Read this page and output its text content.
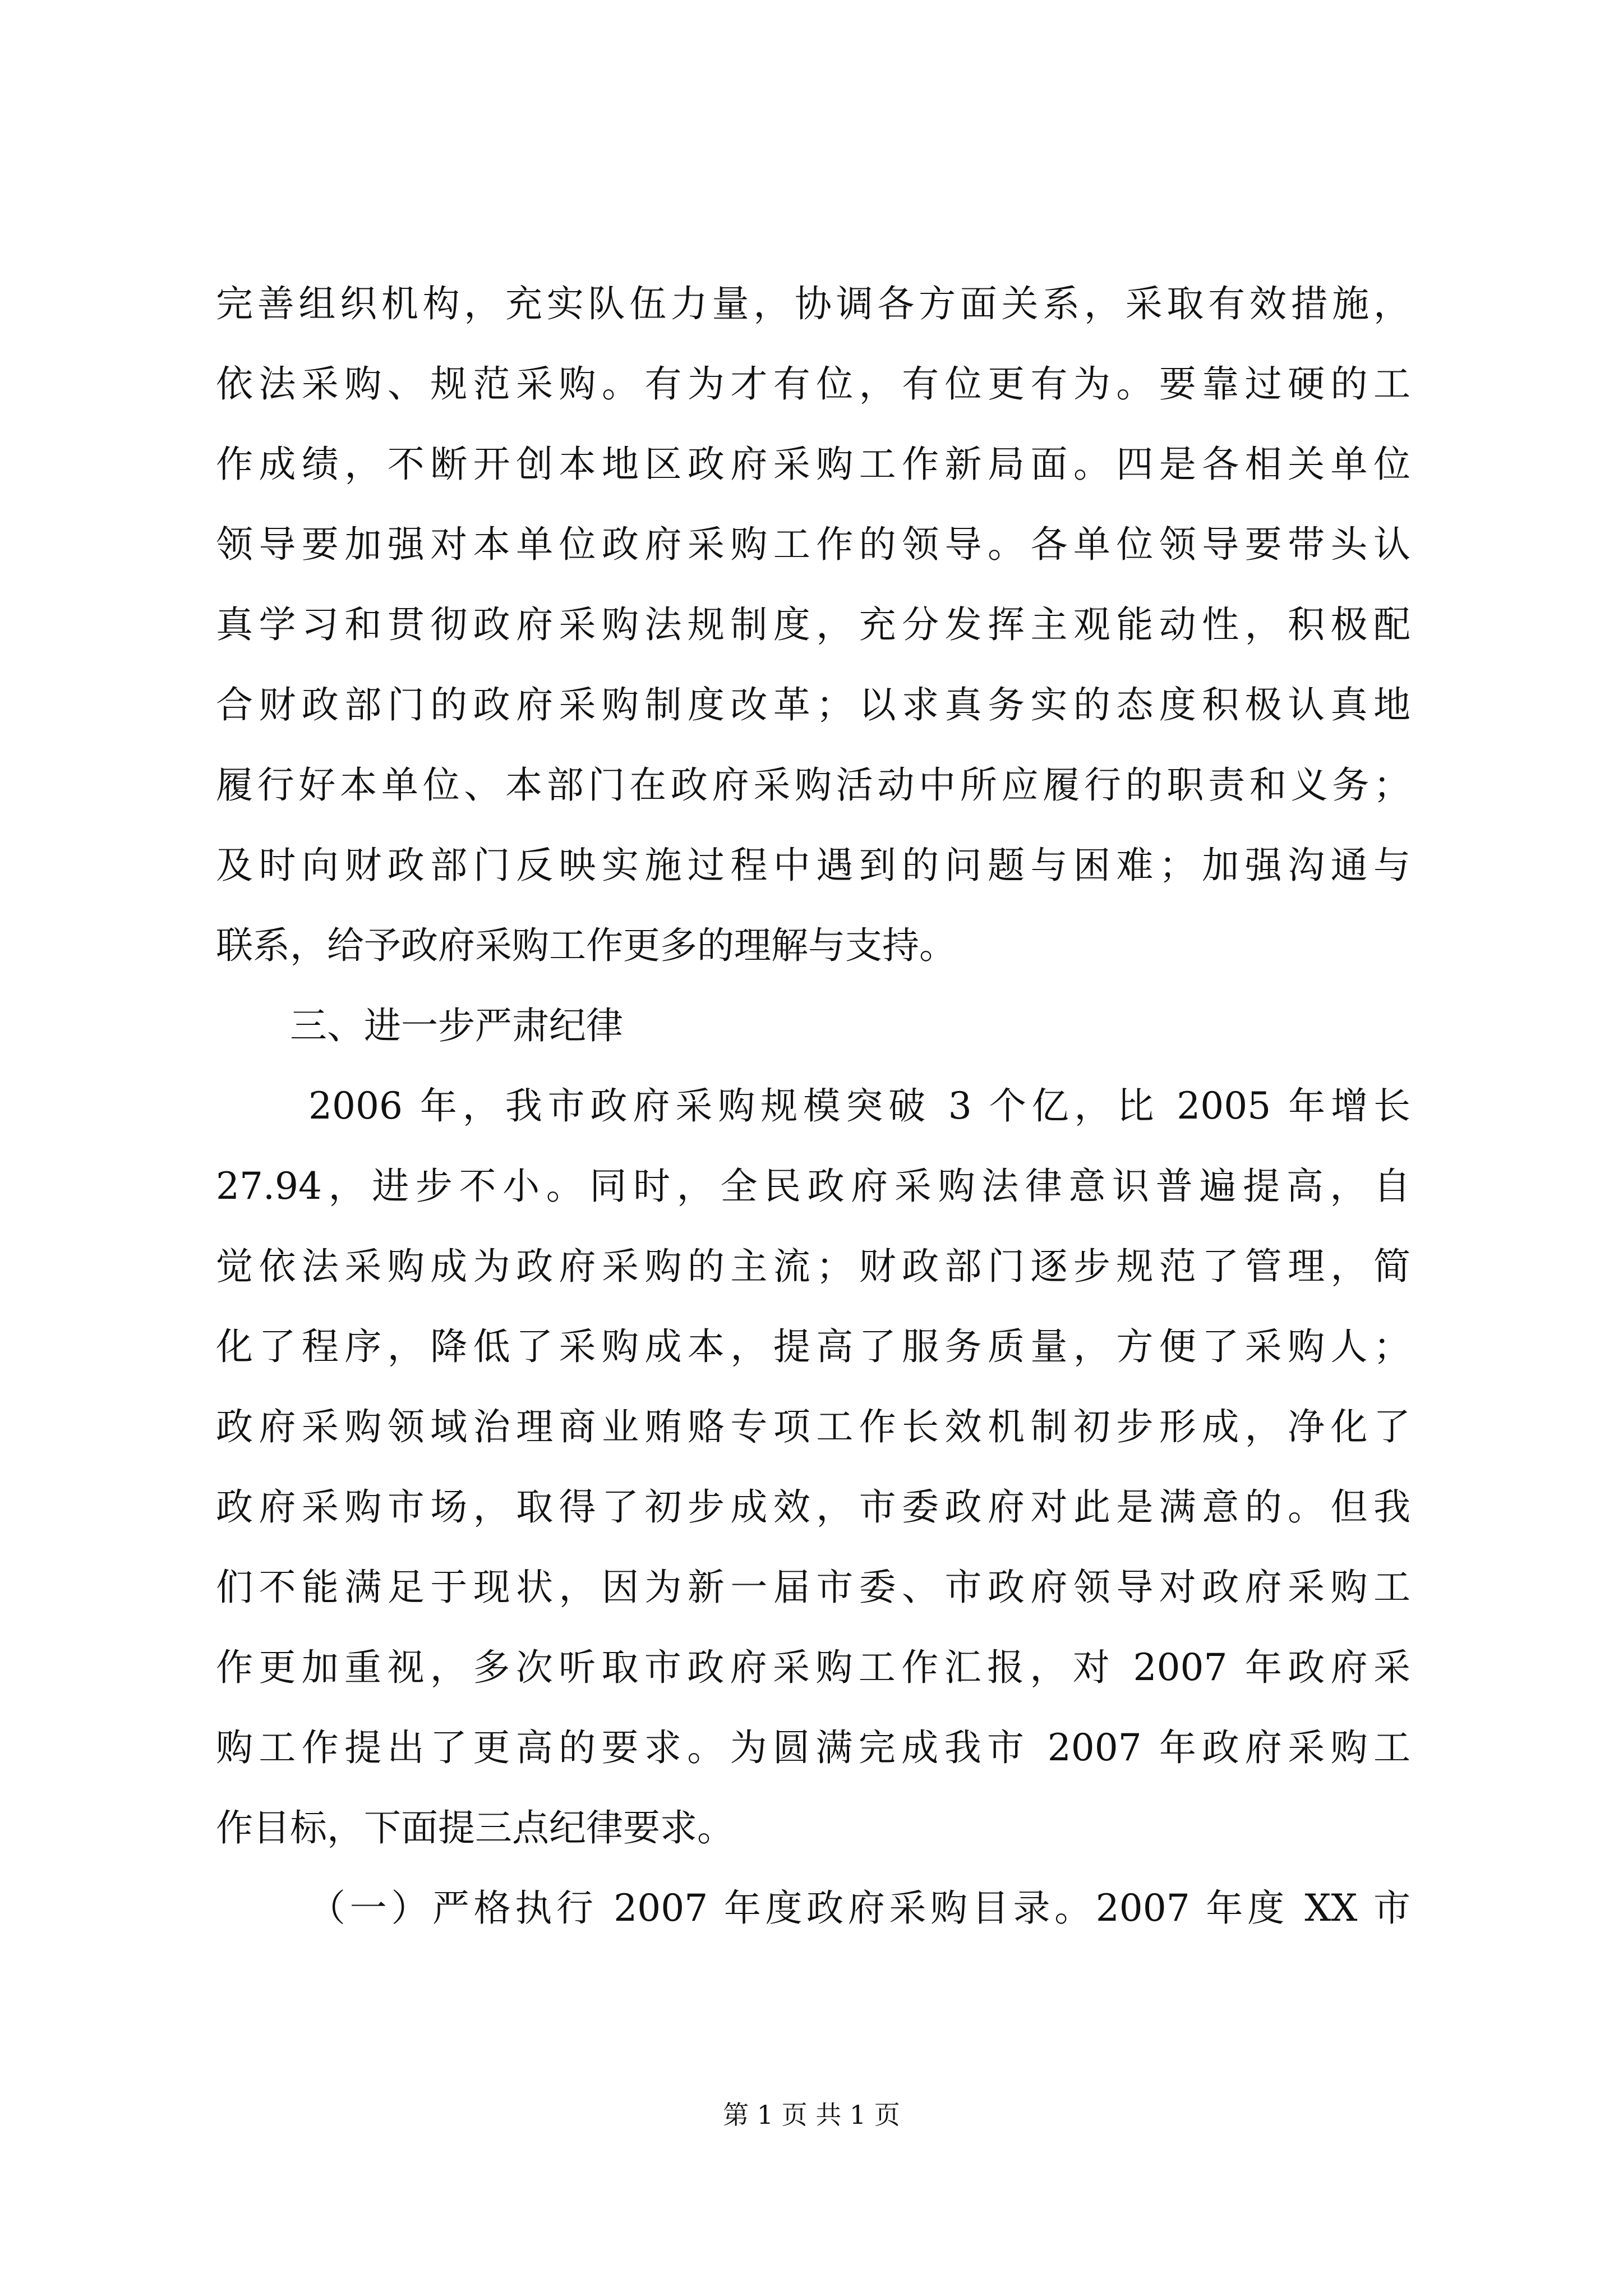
完善组织机构，充实队伍力量，协调各方面关系，采取有效措施，
依法采购、规范采购。有为才有位，有位更有为。要靠过硬的工
作成绩，不断开创本地区政府采购工作新局面。四是各相关单位
领导要加强对本单位政府采购工作的领导。各单位领导要带头认
真学习和贯彻政府采购法规制度，充分发挥主观能动性，积极配
合财政部门的政府采购制度改革；以求真务实的态度积极认真地
履行好本单位、本部门在政府采购活动中所应履行的职责和义务；
及时向财政部门反映实施过程中遇到的问题与困难；加强沟通与
联系，给予政府采购工作更多的理解与支持。
三、进一步严肃纪律
2006 年，我市政府采购规模突破 3 个亿，比 2005 年增长
27.94，进步不小。同时，全民政府采购法律意识普遍提高，自
觉依法采购成为政府采购的主流；财政部门逐步规范了管理，简
化了程序，降低了采购成本，提高了服务质量，方便了采购人；
政府采购领域治理商业贿赂专项工作长效机制初步形成，净化了
政府采购市场，取得了初步成效，市委政府对此是满意的。但我
们不能满足于现状，因为新一届市委、市政府领导对政府采购工
作更加重视，多次听取市政府采购工作汇报，对 2007 年政府采
购工作提出了更高的要求。为圆满完成我市 2007 年政府采购工
作目标，下面提三点纪律要求。
（一）严格执行 2007 年度政府采购目录。2007 年度 XX 市
第 1 页 共 1 页
